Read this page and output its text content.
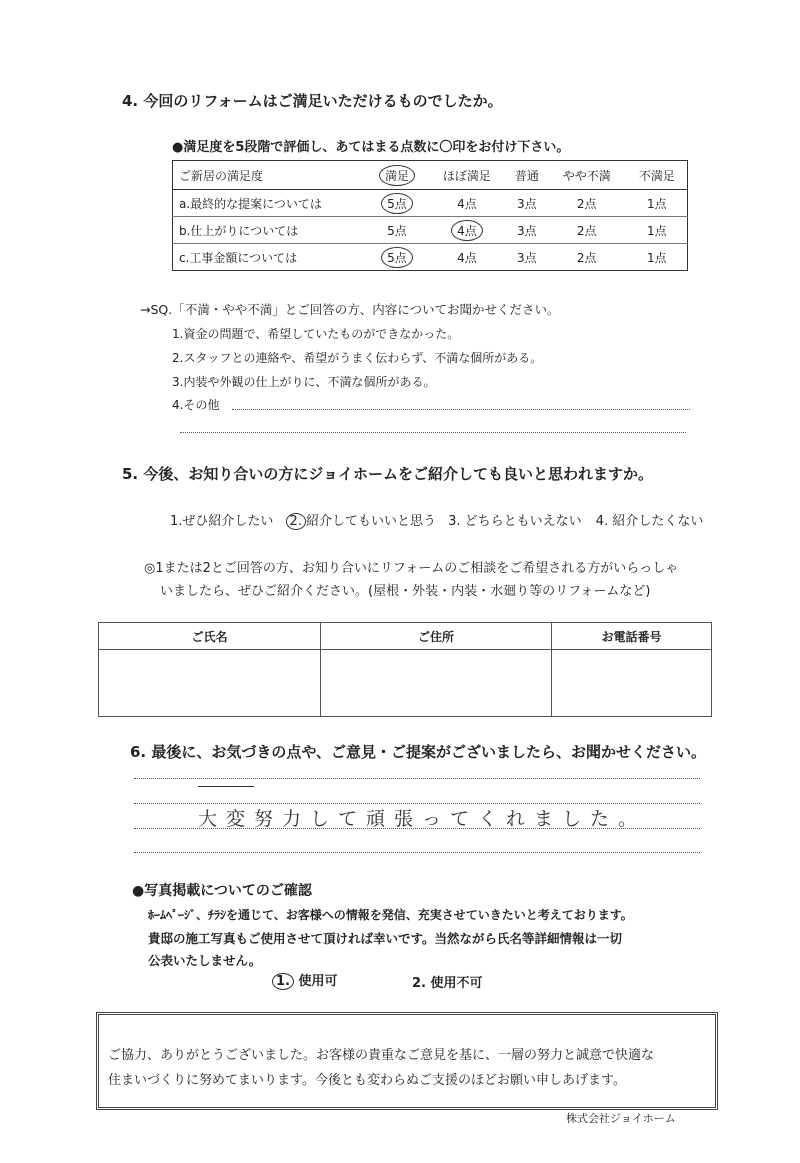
4. 今回のリフォームはご満足いただけるものでしたか。
●満足度を5段階で評価し、あてはまる点数に〇印をお付け下さい。
ご新居の満足度	満足	ほぼ満足	普通	やや不満	不満足
a.最終的な提案については	5点	4点	3点	2点	1点
b.仕上がりについては	5点	4点	3点	2点	1点
c.工事金額については	5点	4点	3点	2点	1点
→SQ.「不満・やや不満」とご回答の方、内容についてお聞かせください。
1.資金の問題で、希望していたものができなかった。
2.スタッフとの連絡や、希望がうまく伝わらず、不満な個所がある。
3.内装や外観の仕上がりに、不満な個所がある。
4.その他
5. 今後、お知り合いの方にジョイホームをご紹介しても良いと思われますか。
1.ぜひ紹介したい 2. 紹介してもいいと思う 3. どちらともいえない 4. 紹介したくない
◎1または2とご回答の方、お知り合いにリフォームのご相談をご希望される方がいらっしゃ
いましたら、ぜひご紹介ください。(屋根・外装・内装・水廻り等のリフォームなど)
ご氏名	ご住所	お電話番号

6. 最後に、お気づきの点や、ご意見・ご提案がございましたら、お聞かせください。
大変努力して頑張ってくれました。
●写真掲載についてのご確認
ﾎｰﾑﾍﾟｰｼﾞ、ﾁﾗｼを通じて、お客様への情報を発信、充実させていきたいと考えております。
貴邸の施工写真もご使用させて頂ければ幸いです。当然ながら氏名等詳細情報は一切
公表いたしません。
1. 使用可	2. 使用不可
ご協力、ありがとうございました。お客様の貴重なご意見を基に、一層の努力と誠意で快適な
住まいづくりに努めてまいります。今後とも変わらぬご支援のほどお願い申しあげます。
株式会社ジョイホーム
